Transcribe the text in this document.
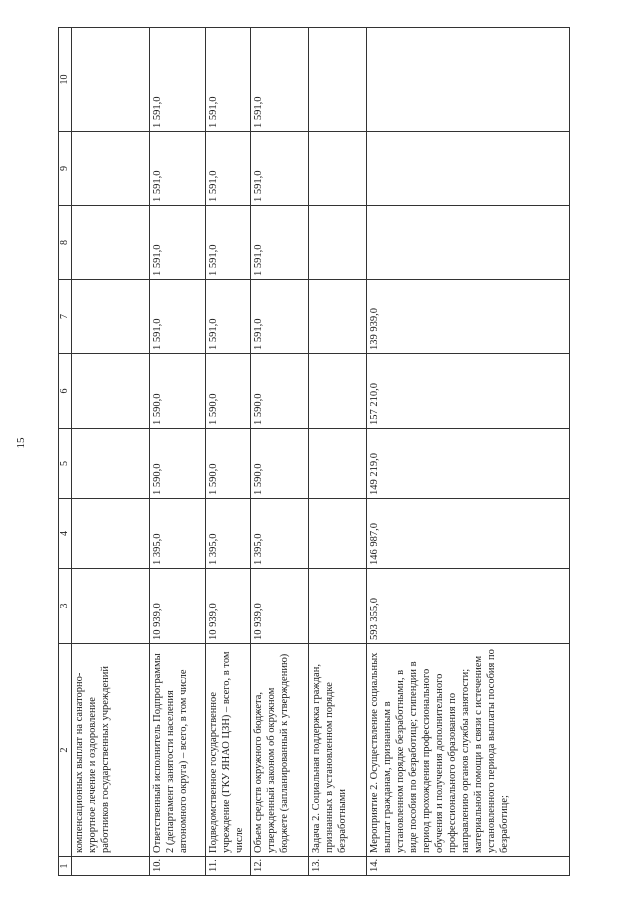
15
1	2	3	4	5	6	7	8	9	10
	компенсационных выплат на санаторно-курортное лечение и оздоровление работников государственных учреждений								
10.	Ответственный исполнитель Подпрограммы 2 (департамент занятости населения автономного округа) – всего, в том числе	10 939,0	1 395,0	1 590,0	1 590,0	1 591,0	1 591,0	1 591,0	1 591,0
11.	Подведомственное государственное учреждение (ГКУ ЯНАО ЦЗН) – всего, в том числе	10 939,0	1 395,0	1 590,0	1 590,0	1 591,0	1 591,0	1 591,0	1 591,0
12.	Объем средств окружного бюджета, утвержденный законом об окружном бюджете (запланированный к утверждению)	10 939,0	1 395,0	1 590,0	1 590,0	1 591,0	1 591,0	1 591,0	1 591,0
13.	Задача 2. Социальная поддержка граждан, признанных в установленном порядке безработными								
14.	Мероприятие 2. Осуществление социальных выплат гражданам, признанным в установленном порядке безработными, в виде пособия по безработице; стипендии в период прохождения профессионального обучения и получения дополнительного профессионального образования по направлению органов службы занятости; материальной помощи в связи с истечением установленного периода выплаты пособия по безработице;	593 355,0	146 987,0	149 219,0	157 210,0	139 939,0			
